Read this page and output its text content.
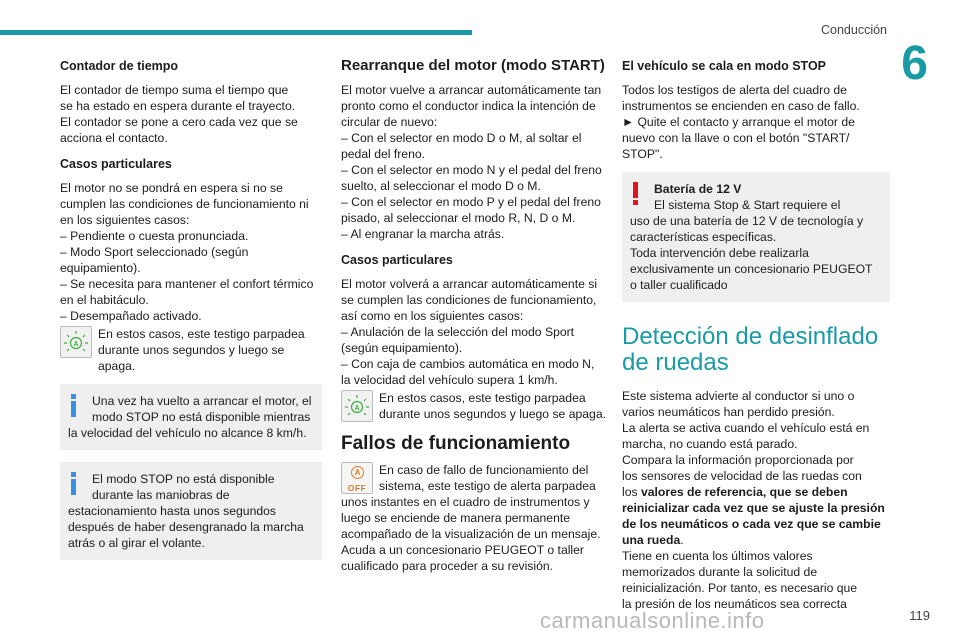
Conducción
6
Contador de tiempo

El contador de tiempo suma el tiempo que
se ha estado en espera durante el trayecto.
El contador se pone a cero cada vez que se
acciona el contacto.

Casos particulares

El motor no se pondrá en espera si no se
cumplen las condiciones de funcionamiento ni
en los siguientes casos:
– Pendiente o cuesta pronunciada.
– Modo Sport seleccionado (según
equipamiento).
– Se necesita para mantener el confort térmico
en el habitáculo.
– Desempañado activado.

A
En estos casos, este testigo parpadea
durante unos segundos y luego se apaga.
Una vez ha vuelto a arrancar el motor, el
modo STOP no está disponible mientras
la velocidad del vehículo no alcance 8 km/h.
El modo STOP no está disponible
durante las maniobras de
estacionamiento hasta unos segundos
después de haber desengranado la marcha
atrás o al girar el volante.
Rearranque del motor (modo START)

El motor vuelve a arrancar automáticamente tan
pronto como el conductor indica la intención de
circular de nuevo:
– Con el selector en modo D o M, al soltar el
pedal del freno.
– Con el selector en modo N y el pedal del freno
suelto, al seleccionar el modo D o M.
– Con el selector en modo P y el pedal del freno
pisado, al seleccionar el modo R, N, D o M.
– Al engranar la marcha atrás.

Casos particulares

El motor volverá a arrancar automáticamente si
se cumplen las condiciones de funcionamiento,
así como en los siguientes casos:
– Anulación de la selección del modo Sport
(según equipamiento).
– Con caja de cambios automática en modo N,
la velocidad del vehículo supera 1 km/h.

A
En estos casos, este testigo parpadea
durante unos segundos y luego se apaga.
Fallos de funcionamiento
A
OFF
En caso de fallo de funcionamiento del
sistema, este testigo de alerta parpadea

unos instantes en el cuadro de instrumentos y
luego se enciende de manera permanente
acompañado de la visualización de un mensaje.
Acuda a un concesionario PEUGEOT o taller
cualificado para proceder a su revisión.

El vehículo se cala en modo STOP

Todos los testigos de alerta del cuadro de
instrumentos se encienden en caso de fallo.
► Quite el contacto y arranque el motor de
nuevo con la llave o con el botón "START/
STOP".

Batería de 12 V
El sistema Stop & Start requiere el
uso de una batería de 12 V de tecnología y
características específicas.
Toda intervención debe realizarla
exclusivamente un concesionario PEUGEOT
o taller cualificado
Detección de desinflado
de ruedas

Este sistema advierte al conductor si uno o
varios neumáticos han perdido presión.
La alerta se activa cuando el vehículo está en
marcha, no cuando está parado.
Compara la información proporcionada por
los sensores de velocidad de las ruedas con
los valores de referencia, que se deben
reinicializar cada vez que se ajuste la presión
de los neumáticos o cada vez que se cambie
una rueda.
Tiene en cuenta los últimos valores
memorizados durante la solicitud de
reinicialización. Por tanto, es necesario que
la presión de los neumáticos sea correcta

carmanualsonline.info	119
